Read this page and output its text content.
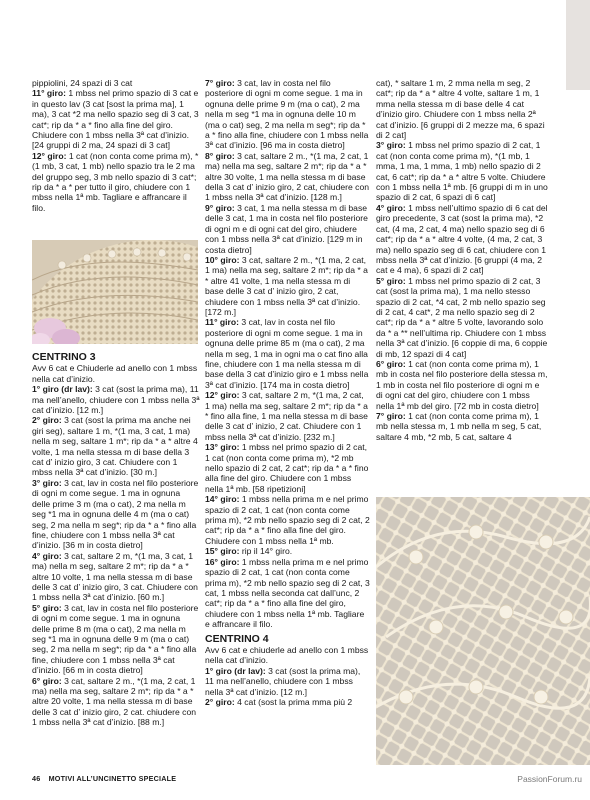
pippiolini, 24 spazi di 3 cat

11° giro: 1 mbss nel primo spazio di 3 cat e in questo lav (3 cat [sost la prima ma], 1 ma), 3 cat *2 ma nello spazio seg di 3 cat, 3 cat*; rip da * a * fino alla fine del giro. Chiudere con 1 mbss nella 3ª cat d’inizio. [24 gruppi di 2 ma, 24 spazi di 3 cat]

12° giro: 1 cat (non conta come prima m), *(1 mb, 3 cat, 1 mb) nello spazio tra le 2 ma del gruppo seg, 3 mb nello spazio di 3 cat*; rip da * a * per tutto il giro, chiudere con 1 mbss nella 1ª mb. Tagliare e affrancare il filo.

CENTRINO 3

Avv 6 cat e Chiuderle ad anello con 1 mbss nella cat d’inizio.

1° giro (dr lav): 3 cat (sost la prima ma), 11 ma nell’anello, chiudere con 1 mbss nella 3ª cat d’inizio. [12 m.]

2° giro: 3 cat (sost la prima ma anche nei giri seg), saltare 1 m, *(1 ma, 3 cat, 1 ma) nella m seg, saltare 1 m*; rip da * a * altre 4 volte, 1 ma nella stessa m di base della 3 cat d’ inizio giro, 3 cat. Chiudere con 1 mbss nella 3ª cat d’inizio. [30 m.]

3° giro: 3 cat, lav in costa nel filo posteriore di ogni m come segue. 1 ma in ognuna delle prime 3 m (ma o cat), 2 ma nella m seg *1 ma in ognuna delle 4 m (ma o cat) seg, 2 ma nella m seg*; rip da * a * fino alla fine, chiudere con 1 mbss nella 3ª cat d’inizio. [36 m in costa dietro]

4° giro: 3 cat, saltare 2 m, *(1 ma, 3 cat, 1 ma) nella m seg, saltare 2 m*; rip da * a * altre 10 volte, 1 ma nella stessa m di base delle 3 cat d’ inizio giro, 3 cat. Chiudere con 1 mbss nella 3ª cat d’inizio. [60 m.]

5° giro: 3 cat, lav in costa nel filo posteriore di ogni m come segue. 1 ma in ognuna delle prime 8 m (ma o cat), 2 ma nella m seg *1 ma in ognuna delle 9 m (ma o cat) seg, 2 ma nella m seg*; rip da * a * fino alla fine, chiudere con 1 mbss nella 3ª cat d’inizio. [66 m in costa dietro]

6° giro: 3 cat, saltare 2 m., *(1 ma, 2 cat, 1 ma) nella ma seg, saltare 2 m*; rip da * a * altre 20 volte, 1 ma nella stessa m di base delle 3 cat d’ inizio giro, 2 cat. chiudere con 1 mbss nella 3ª cat d’inizio. [88 m.]

7° giro: 3 cat, lav in costa nel filo posteriore di ogni m come segue. 1 ma in ognuna delle prime 9 m (ma o cat), 2 ma nella m seg *1 ma in ognuna delle 10 m (ma o cat) seg, 2 ma nella m seg*; rip da * a * fino alla fine, chiudere con 1 mbss nella 3ª cat d’inizio. [96 ma in costa dietro]

8° giro: 3 cat, saltare 2 m., *(1 ma, 2 cat, 1 ma) nella ma seg, saltare 2 m*; rip da * a * altre 30 volte, 1 ma nella stessa m di base della 3 cat d’ inizio giro, 2 cat, chiudere con 1 mbss nella 3ª cat d’inizio. [128 m.]

9° giro: 3 cat, 1 ma nella stessa m di base delle 3 cat, 1 ma in costa nel filo posteriore di ogni m e di ogni cat del giro, chiudere con 1 mbss nella 3ª cat d’inizio. [129 m in costa dietro]

10° giro: 3 cat, saltare 2 m., *(1 ma, 2 cat, 1 ma) nella ma seg, saltare 2 m*; rip da * a * altre 41 volte, 1 ma nella stessa m di base delle 3 cat d’ inizio giro, 2 cat, chiudere con 1 mbss nella 3ª cat d’inizio. [172 m.]

11° giro: 3 cat, lav in costa nel filo posteriore di ogni m come segue. 1 ma in ognuna delle prime 85 m (ma o cat), 2 ma nella m seg, 1 ma in ogni ma o cat fino alla fine, chiudere con 1 ma nella stessa m di base della 3 cat d’inizio giro e 1 mbss nella 3ª cat d’inizio. [174 ma in costa dietro]

12° giro: 3 cat, saltare 2 m, *(1 ma, 2 cat, 1 ma) nella ma seg, saltare 2 m*; rip da * a * fino alla fine, 1 ma nella stessa m di base delle 3 cat d’ inizio, 2 cat. Chiudere con 1 mbss nella 3ª cat d’inizio. [232 m.]

13° giro: 1 mbss nel primo spazio di 2 cat, 1 cat (non conta come prima m), *2 mb nello spazio di 2 cat, 2 cat*; rip da * a * fino alla fine del giro. Chiudere con 1 mbss nella 1ª mb. [58 ripetizioni]

14° giro: 1 mbss nella prima m e nel primo spazio di 2 cat, 1 cat (non conta come prima m), *2 mb nello spazio seg di 2 cat, 2 cat*; rip da * a * fino alla fine del giro. Chiudere con 1 mbss nella 1ª mb.

15° giro: rip il 14° giro.

16° giro: 1 mbss nella prima m e nel primo spazio di 2 cat, 1 cat (non conta come prima m), *2 mb nello spazio seg di 2 cat, 3 cat, 1 mbss nella seconda cat dall’unc, 2 cat*; rip da * a * fino alla fine del giro, chiudere con 1 mbss nella 1ª mb. Tagliare e affrancare il filo.

CENTRINO 4

Avv 6 cat e chiuderle ad anello con 1 mbss nella cat d’inizio.

1° giro (dr lav): 3 cat (sost la prima ma), 11 ma nell’anello, chiudere con 1 mbss nella 3ª cat d’inizio. [12 m.]

2° giro: 4 cat (sost la prima mma più 2

cat), * saltare 1 m, 2 mma nella m seg, 2 cat*; rip da * a * altre 4 volte, saltare 1 m, 1 mma nella stessa m di base delle 4 cat d’inizio giro. Chiudere con 1 mbss nella 2ª cat d’inizio. [6 gruppi di 2 mezze ma, 6 spazi di 2 cat]

3° giro: 1 mbss nel primo spazio di 2 cat, 1 cat (non conta come prima m), *(1 mb, 1 mma, 1 ma, 1 mma, 1 mb) nello spazio di 2 cat, 6 cat*; rip da * a * altre 5 volte. Chiudere con 1 mbss nella 1ª mb. [6 gruppi di m in uno spazio di 2 cat, 6 spazi di 6 cat]

4° giro: 1 mbss nell’ultimo spazio di 6 cat del giro precedente, 3 cat (sost la prima ma), *2 cat, (4 ma, 2 cat, 4 ma) nello spazio seg di 6 cat*; rip da * a * altre 4 volte, (4 ma, 2 cat, 3 ma) nello spazio seg di 6 cat, chiudere con 1 mbss nella 3ª cat d’inizio. [6 gruppi (4 ma, 2 cat e 4 ma), 6 spazi di 2 cat]

5° giro: 1 mbss nel primo spazio di 2 cat, 3 cat (sost la prima ma), 1 ma nello stesso spazio di 2 cat, *4 cat, 2 mb nello spazio seg di 2 cat, 4 cat*, 2 ma nello spazio seg di 2 cat*; rip da * a * altre 5 volte, lavorando solo da * a ** nell’ultima rip. Chiudere con 1 mbss nella 3ª cat d’inizio. [6 coppie di ma, 6 coppie di mb, 12 spazi di 4 cat]

6° giro: 1 cat (non conta come prima m), 1 mb in costa nel filo posteriore della stessa m, 1 mb in costa nel filo posteriore di ogni m e di ogni cat del giro, chiudere con 1 mbss nella 1ª mb del giro. [72 mb in costa dietro]

7° giro: 1 cat (non conta come prima m), 1 mb nella stessa m, 1 mb nella m seg, 5 cat, saltare 4 mb, *2 mb, 5 cat, saltare 4

46 MOTIVI ALL’UNCINETTO SPECIALE	PassionForum.ru
